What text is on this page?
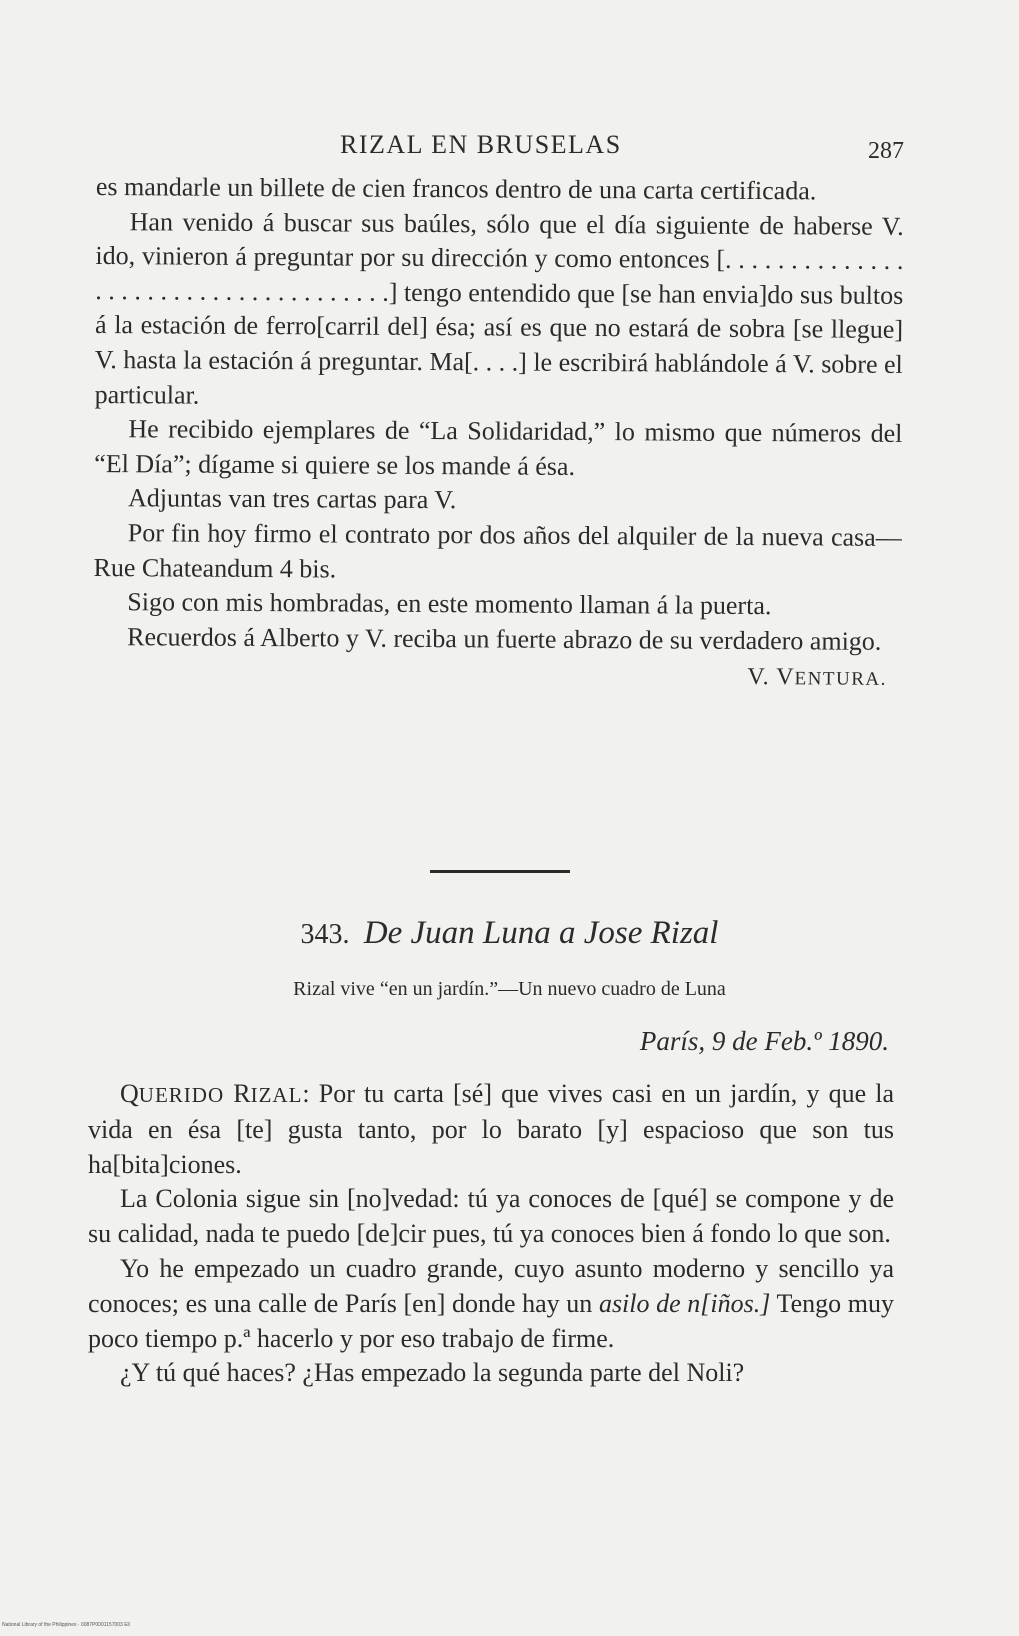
RIZAL EN BRUSELAS	287

es mandarle un billete de cien francos dentro de una carta certificada.

Han venido á buscar sus baúles, sólo que el día siguiente de haberse V. ido, vinieron á preguntar por su dirección y como entonces [. . . . . . . . . . . . . . . . . . . . . . . . . . . . . . . . . . . . .] tengo entendido que [se han envia]do sus bultos á la estación de ferro[carril del] ésa; así es que no estará de sobra [se llegue] V. hasta la estación á preguntar. Ma[. . . .] le escribirá hablándole á V. sobre el particular.

He recibido ejemplares de “La Solidaridad,” lo mismo que números del “El Día”; dígame si quiere se los mande á ésa.

Adjuntas van tres cartas para V.

Por fin hoy firmo el contrato por dos años del alquiler de la nueva casa—Rue Chateandum 4 bis.

Sigo con mis hombradas, en este momento llaman á la puerta.

Recuerdos á Alberto y V. reciba un fuerte abrazo de su verdadero amigo.

V. VENTURA.
343. De Juan Luna a Jose Rizal
Rizal vive “en un jardín.”—Un nuevo cuadro de Luna
París, 9 de Feb.º 1890.

QUERIDO RIZAL: Por tu carta [sé] que vives casi en un jardín, y que la vida en ésa [te] gusta tanto, por lo barato [y] espacioso que son tus ha[bita]ciones.

La Colonia sigue sin [no]vedad: tú ya conoces de [qué] se compone y de su calidad, nada te puedo [de]cir pues, tú ya conoces bien á fondo lo que son.

Yo he empezado un cuadro grande, cuyo asunto moderno y sencillo ya conoces; es una calle de París [en] donde hay un asilo de n[iños.] Tengo muy poco tiempo p.ª hacerlo y por eso trabajo de firme.

¿Y tú qué haces? ¿Has empezado la segunda parte del Noli?

National Library of the Philippines · 0087P0001157003 Ell
